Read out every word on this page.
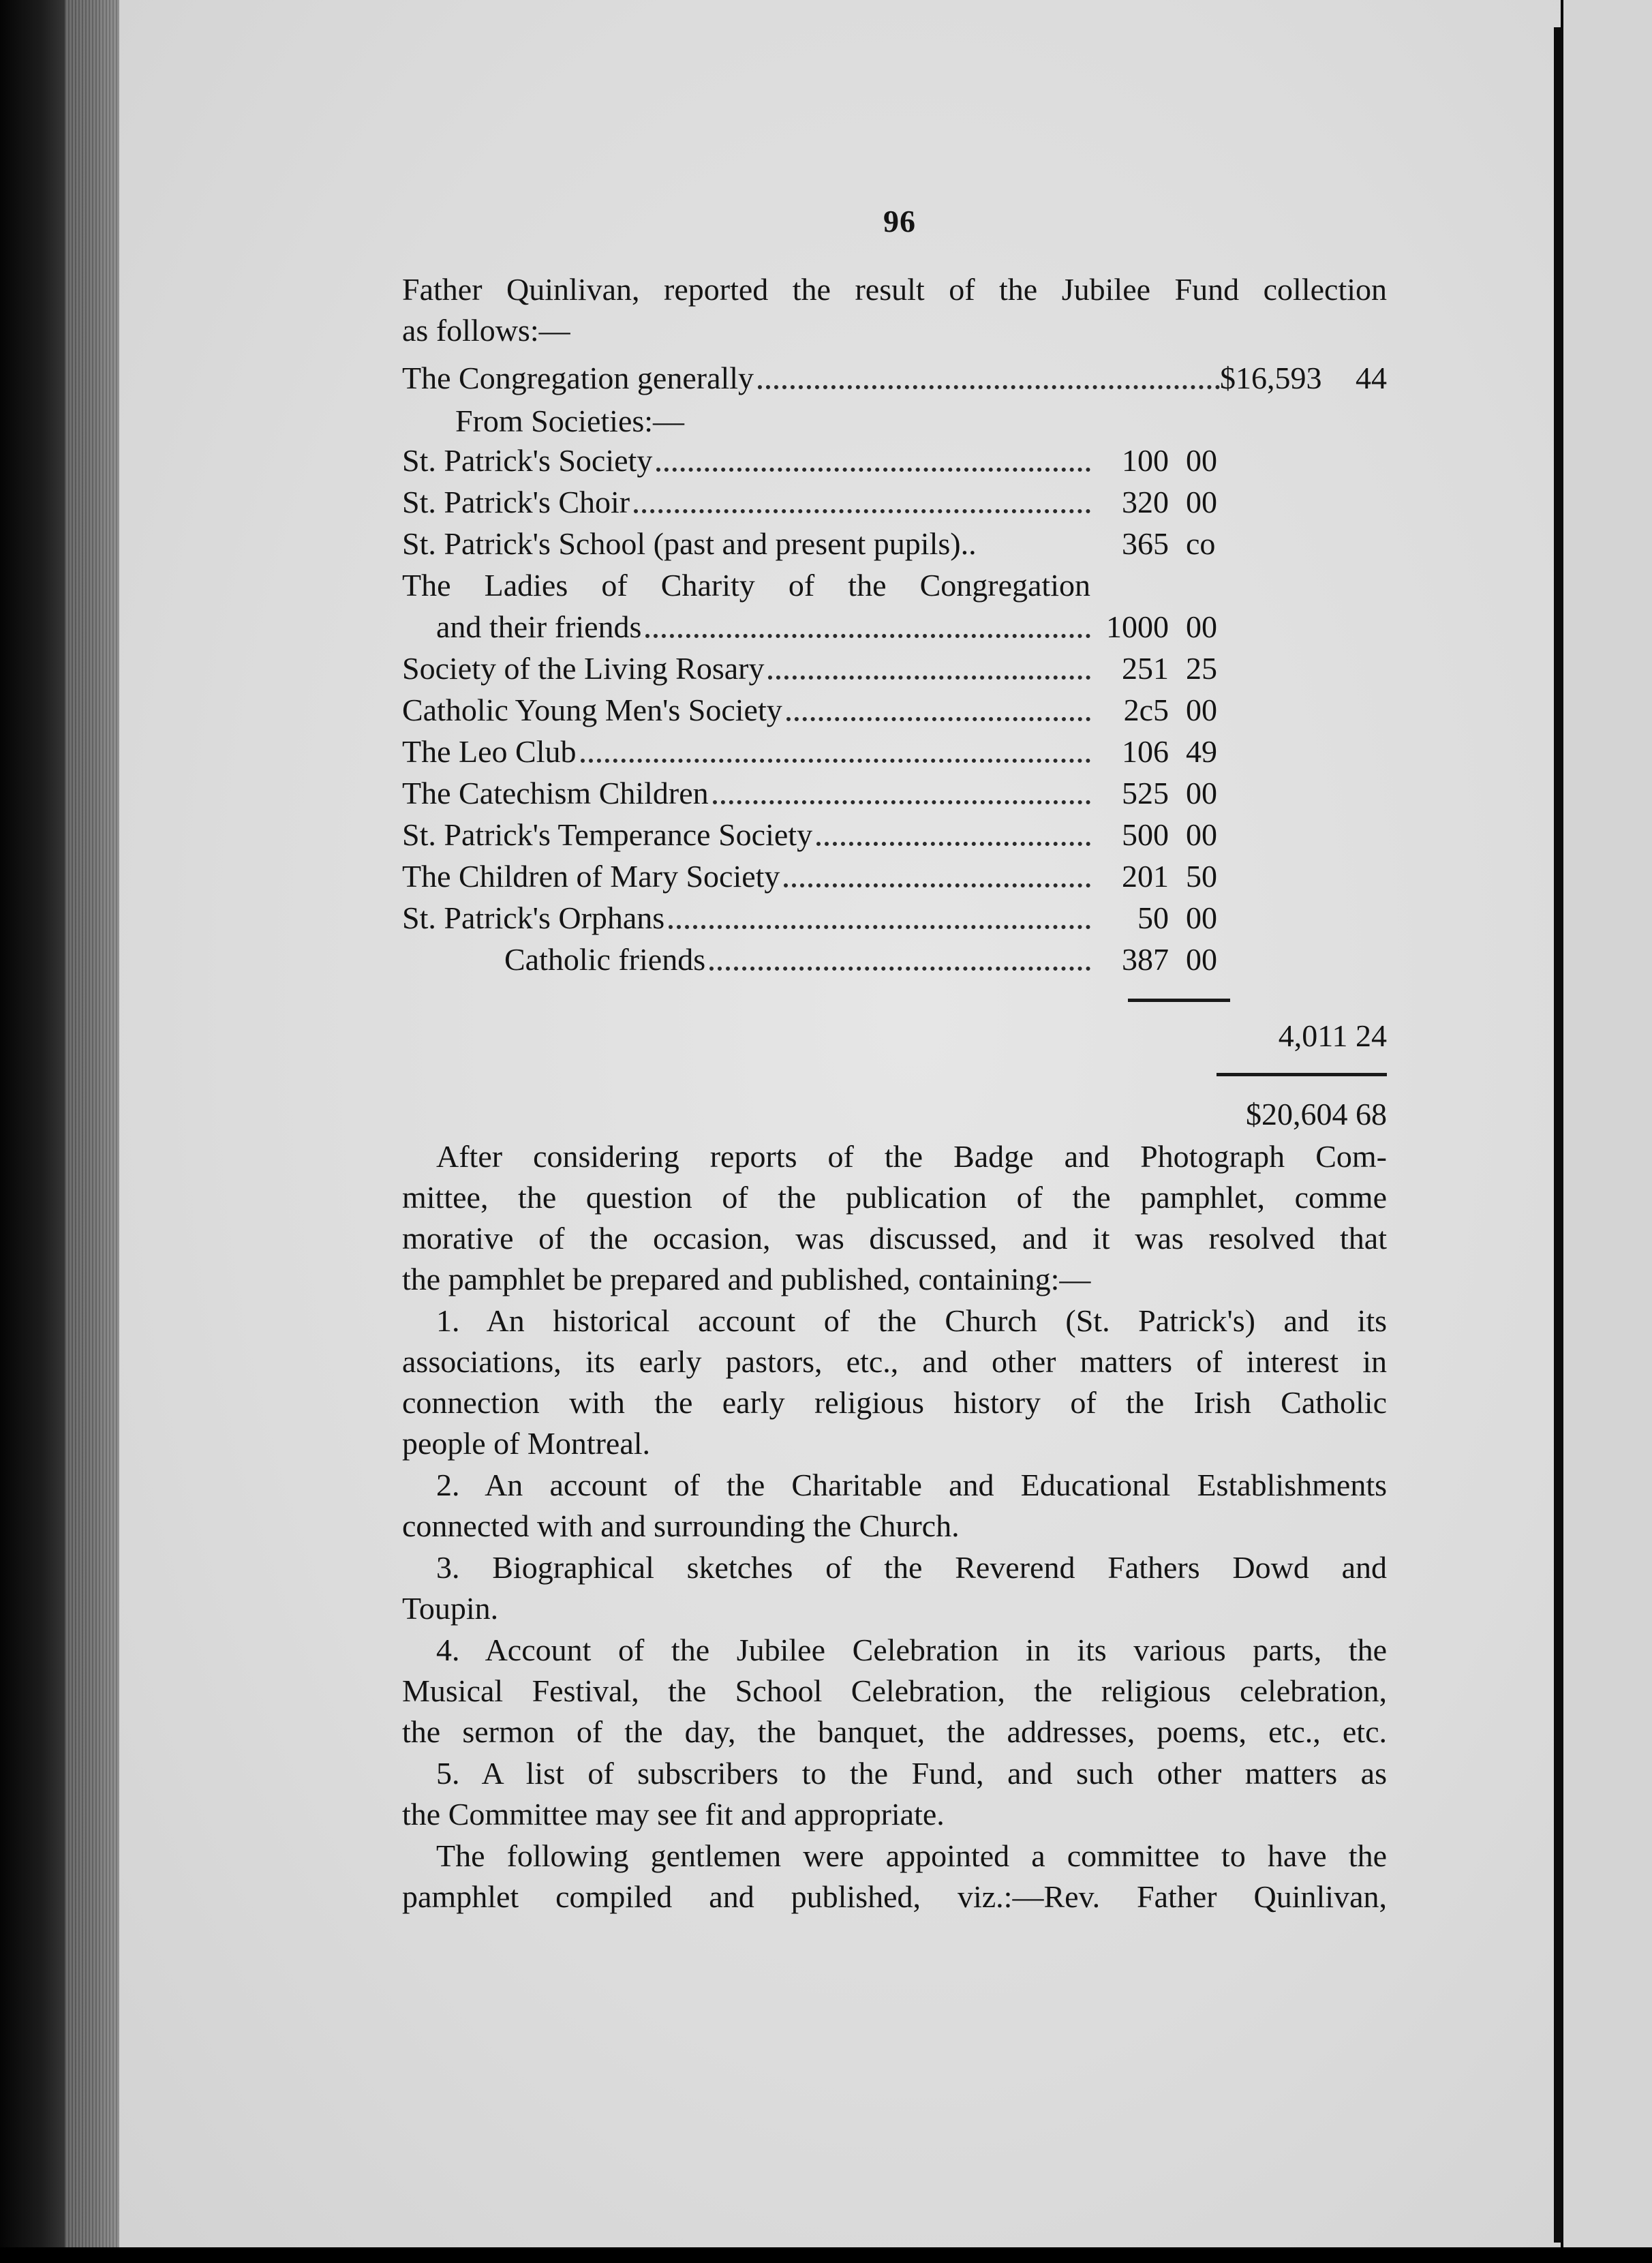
96
Father Quinlivan, reported the result of the Jubilee Fund collection
as follows:—
The Congregation generally	$16,593	44
From Societies:—
St. Patrick's Society	100 00
St. Patrick's Choir	320 00
St. Patrick's School (past and present pupils)..	365 co
The Ladies of Charity of the Congregation
and their friends	1000 00
Society of the Living Rosary	251 25
Catholic Young Men's Society	2c5 00
The Leo Club	106 49
The Catechism Children	525 00
St. Patrick's Temperance Society	500 00
The Children of Mary Society	201 50
St. Patrick's Orphans	50 00
Catholic friends	387 00
4,011 24
$20,604 68
After considering reports of the Badge and Photograph Com-
mittee, the question of the publication of the pamphlet, comme
morative of the occasion, was discussed, and it was resolved that
the pamphlet be prepared and published, containing:—
1. An historical account of the Church (St. Patrick's) and its
associations, its early pastors, etc., and other matters of interest in
connection with the early religious history of the Irish Catholic
people of Montreal.
2. An account of the Charitable and Educational Establishments
connected with and surrounding the Church.
3. Biographical sketches of the Reverend Fathers Dowd and
Toupin.
4. Account of the Jubilee Celebration in its various parts, the
Musical Festival, the School Celebration, the religious celebration,
the sermon of the day, the banquet, the addresses, poems, etc., etc.
5. A list of subscribers to the Fund, and such other matters as
the Committee may see fit and appropriate.
The following gentlemen were appointed a committee to have the
pamphlet compiled and published, viz.:—Rev. Father Quinlivan,
